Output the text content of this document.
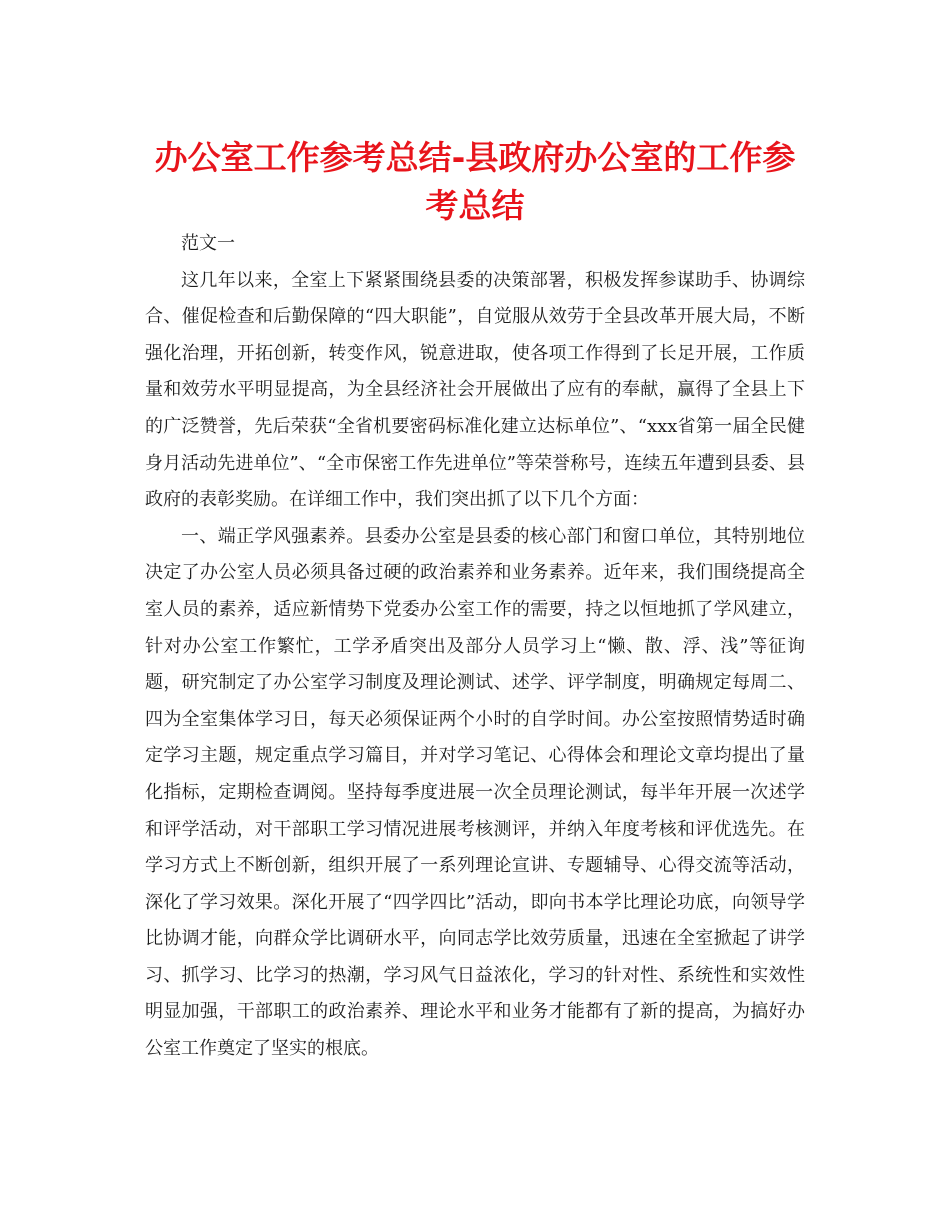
办公室工作参考总结-县政府办公室的工作参考总结

范文一

这几年以来，全室上下紧紧围绕县委的决策部署，积极发挥参谋助手、协调综合、催促检查和后勤保障的“四大职能”，自觉服从效劳于全县改革开展大局，不断强化治理，开拓创新，转变作风，锐意进取，使各项工作得到了长足开展，工作质量和效劳水平明显提高，为全县经济社会开展做出了应有的奉献，赢得了全县上下的广泛赞誉，先后荣获“全省机要密码标准化建立达标单位”、“xxx省第一届全民健身月活动先进单位”、“全市保密工作先进单位”等荣誉称号，连续五年遭到县委、县政府的表彰奖励。在详细工作中，我们突出抓了以下几个方面：

一、端正学风强素养。县委办公室是县委的核心部门和窗口单位，其特别地位决定了办公室人员必须具备过硬的政治素养和业务素养。近年来，我们围绕提高全室人员的素养，适应新情势下党委办公室工作的需要，持之以恒地抓了学风建立，针对办公室工作繁忙，工学矛盾突出及部分人员学习上“懒、散、浮、浅”等征询题，研究制定了办公室学习制度及理论测试、述学、评学制度，明确规定每周二、四为全室集体学习日，每天必须保证两个小时的自学时间。办公室按照情势适时确定学习主题，规定重点学习篇目，并对学习笔记、心得体会和理论文章均提出了量化指标，定期检查调阅。坚持每季度进展一次全员理论测试，每半年开展一次述学和评学活动，对干部职工学习情况进展考核测评，并纳入年度考核和评优选先。在学习方式上不断创新，组织开展了一系列理论宣讲、专题辅导、心得交流等活动，深化了学习效果。深化开展了“四学四比”活动，即向书本学比理论功底，向领导学比协调才能，向群众学比调研水平，向同志学比效劳质量，迅速在全室掀起了讲学习、抓学习、比学习的热潮，学习风气日益浓化，学习的针对性、系统性和实效性明显加强，干部职工的政治素养、理论水平和业务才能都有了新的提高，为搞好办公室工作奠定了坚实的根底。
